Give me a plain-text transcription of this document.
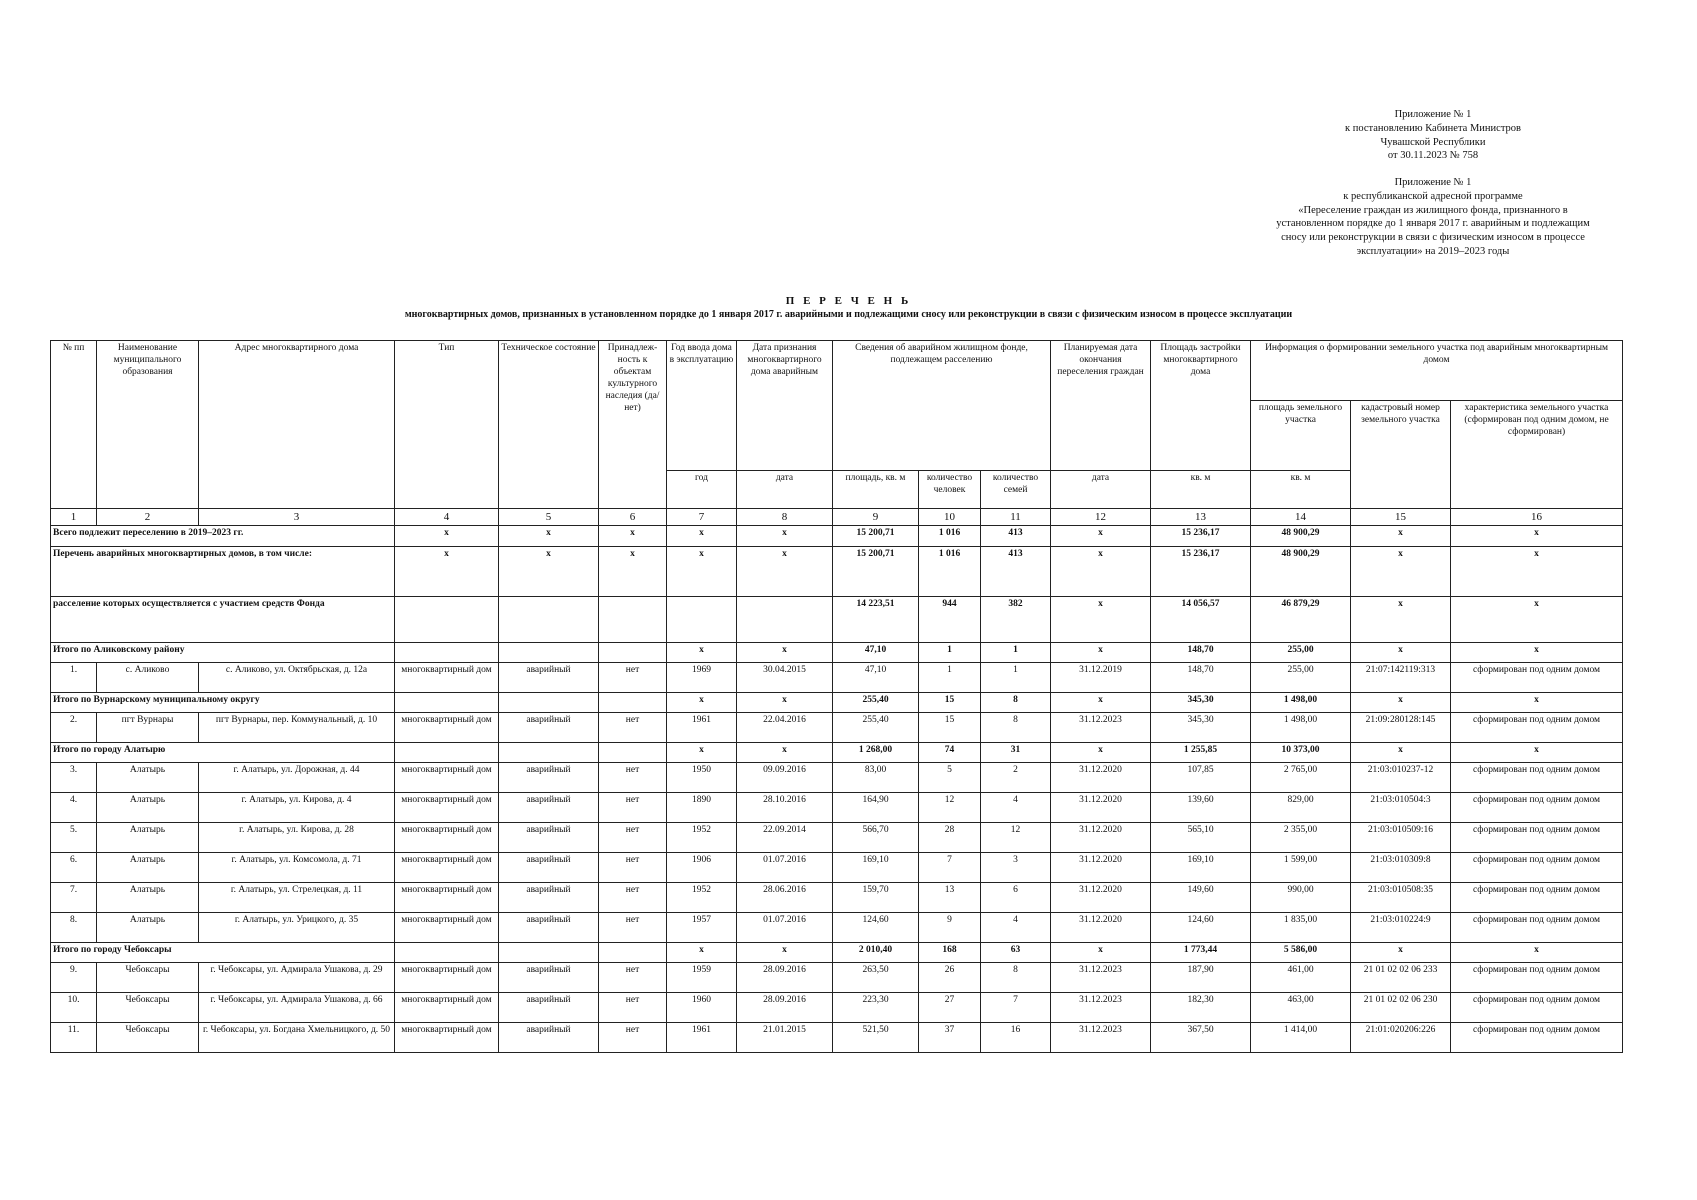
Приложение № 1

к постановлению Кабинета Министров

Чувашской Республики

от 30.11.2023 № 758

Приложение № 1

к республиканской адресной программе

«Переселение граждан из жилищного фонда, признанного в

установленном порядке до 1 января 2017 г. аварийным и подлежащим

сносу или реконструкции в связи с физическим износом в процессе

эксплуатации» на 2019–2023 годы

П Е Р Е Ч Е Н Ь
многоквартирных домов, признанных в установленном порядке до 1 января 2017 г. аварийными и подлежащими сносу или реконструкции в связи с физическим износом в процессе эксплуатации
№ пп	Наименование муниципального образования	Адрес многоквартирного дома	Тип	Техническое состояние	Принадлеж-ность к объектам культурного наследия (да/нет)	Год ввода дома в эксплуатацию	Дата признания многоквартирного дома аварийным	Сведения об аварийном жилищном фонде, подлежащем расселению			Планируемая дата окончания переселения граждан	Площадь застройки многоквартирного дома	Информация о формировании земельного участка под аварийным многоквартирным домом		
													площадь земельного участка	кадастровый номер земельного участка	характеристика земельного участка (сформирован под одним домом, не сформирован)
						год	дата	площадь, кв. м	количество человек	количество семей	дата	кв. м	кв. м		
1	2	3	4	5	6	7	8	9	10	11	12	13	14	15	16
Всего подлежит переселению в 2019–2023 гг.			x	x	x	x	x	15 200,71	1 016	413	x	15 236,17	48 900,29	x	x
Перечень аварийных многоквартирных домов, в том числе:			x	x	x	x	x	15 200,71	1 016	413	x	15 236,17	48 900,29	x	x
расселение которых осуществляется с участием средств Фонда								14 223,51	944	382	x	14 056,57	46 879,29	x	x
Итого по Аликовскому району						x	x	47,10	1	1	x	148,70	255,00	x	x
1.	с. Аликово	с. Аликово, ул. Октябрьская, д. 12а	многоквартирный дом	аварийный	нет	1969	30.04.2015	47,10	1	1	31.12.2019	148,70	255,00	21:07:142119:313	сформирован под одним домом
Итого по Вурнарскому муниципальному округу						x	x	255,40	15	8	x	345,30	1 498,00	x	x
2.	пгт Вурнары	пгт Вурнары, пер. Коммунальный, д. 10	многоквартирный дом	аварийный	нет	1961	22.04.2016	255,40	15	8	31.12.2023	345,30	1 498,00	21:09:280128:145	сформирован под одним домом
Итого по городу Алатырю						x	x	1 268,00	74	31	x	1 255,85	10 373,00	x	x
3.	Алатырь	г. Алатырь, ул. Дорожная, д. 44	многоквартирный дом	аварийный	нет	1950	09.09.2016	83,00	5	2	31.12.2020	107,85	2 765,00	21:03:010237-12	сформирован под одним домом
4.	Алатырь	г. Алатырь, ул. Кирова, д. 4	многоквартирный дом	аварийный	нет	1890	28.10.2016	164,90	12	4	31.12.2020	139,60	829,00	21:03:010504:3	сформирован под одним домом
5.	Алатырь	г. Алатырь, ул. Кирова, д. 28	многоквартирный дом	аварийный	нет	1952	22.09.2014	566,70	28	12	31.12.2020	565,10	2 355,00	21:03:010509:16	сформирован под одним домом
6.	Алатырь	г. Алатырь, ул. Комсомола, д. 71	многоквартирный дом	аварийный	нет	1906	01.07.2016	169,10	7	3	31.12.2020	169,10	1 599,00	21:03:010309:8	сформирован под одним домом
7.	Алатырь	г. Алатырь, ул. Стрелецкая, д. 11	многоквартирный дом	аварийный	нет	1952	28.06.2016	159,70	13	6	31.12.2020	149,60	990,00	21:03:010508:35	сформирован под одним домом
8.	Алатырь	г. Алатырь, ул. Урицкого, д. 35	многоквартирный дом	аварийный	нет	1957	01.07.2016	124,60	9	4	31.12.2020	124,60	1 835,00	21:03:010224:9	сформирован под одним домом
Итого по городу Чебоксары						x	x	2 010,40	168	63	x	1 773,44	5 586,00	x	x
9.	Чебоксары	г. Чебоксары, ул. Адмирала Ушакова, д. 29	многоквартирный дом	аварийный	нет	1959	28.09.2016	263,50	26	8	31.12.2023	187,90	461,00	21 01 02 02 06 233	сформирован под одним домом
10.	Чебоксары	г. Чебоксары, ул. Адмирала Ушакова, д. 66	многоквартирный дом	аварийный	нет	1960	28.09.2016	223,30	27	7	31.12.2023	182,30	463,00	21 01 02 02 06 230	сформирован под одним домом
11.	Чебоксары	г. Чебоксары, ул. Богдана Хмельницкого, д. 50	многоквартирный дом	аварийный	нет	1961	21.01.2015	521,50	37	16	31.12.2023	367,50	1 414,00	21:01:020206:226	сформирован под одним домом
